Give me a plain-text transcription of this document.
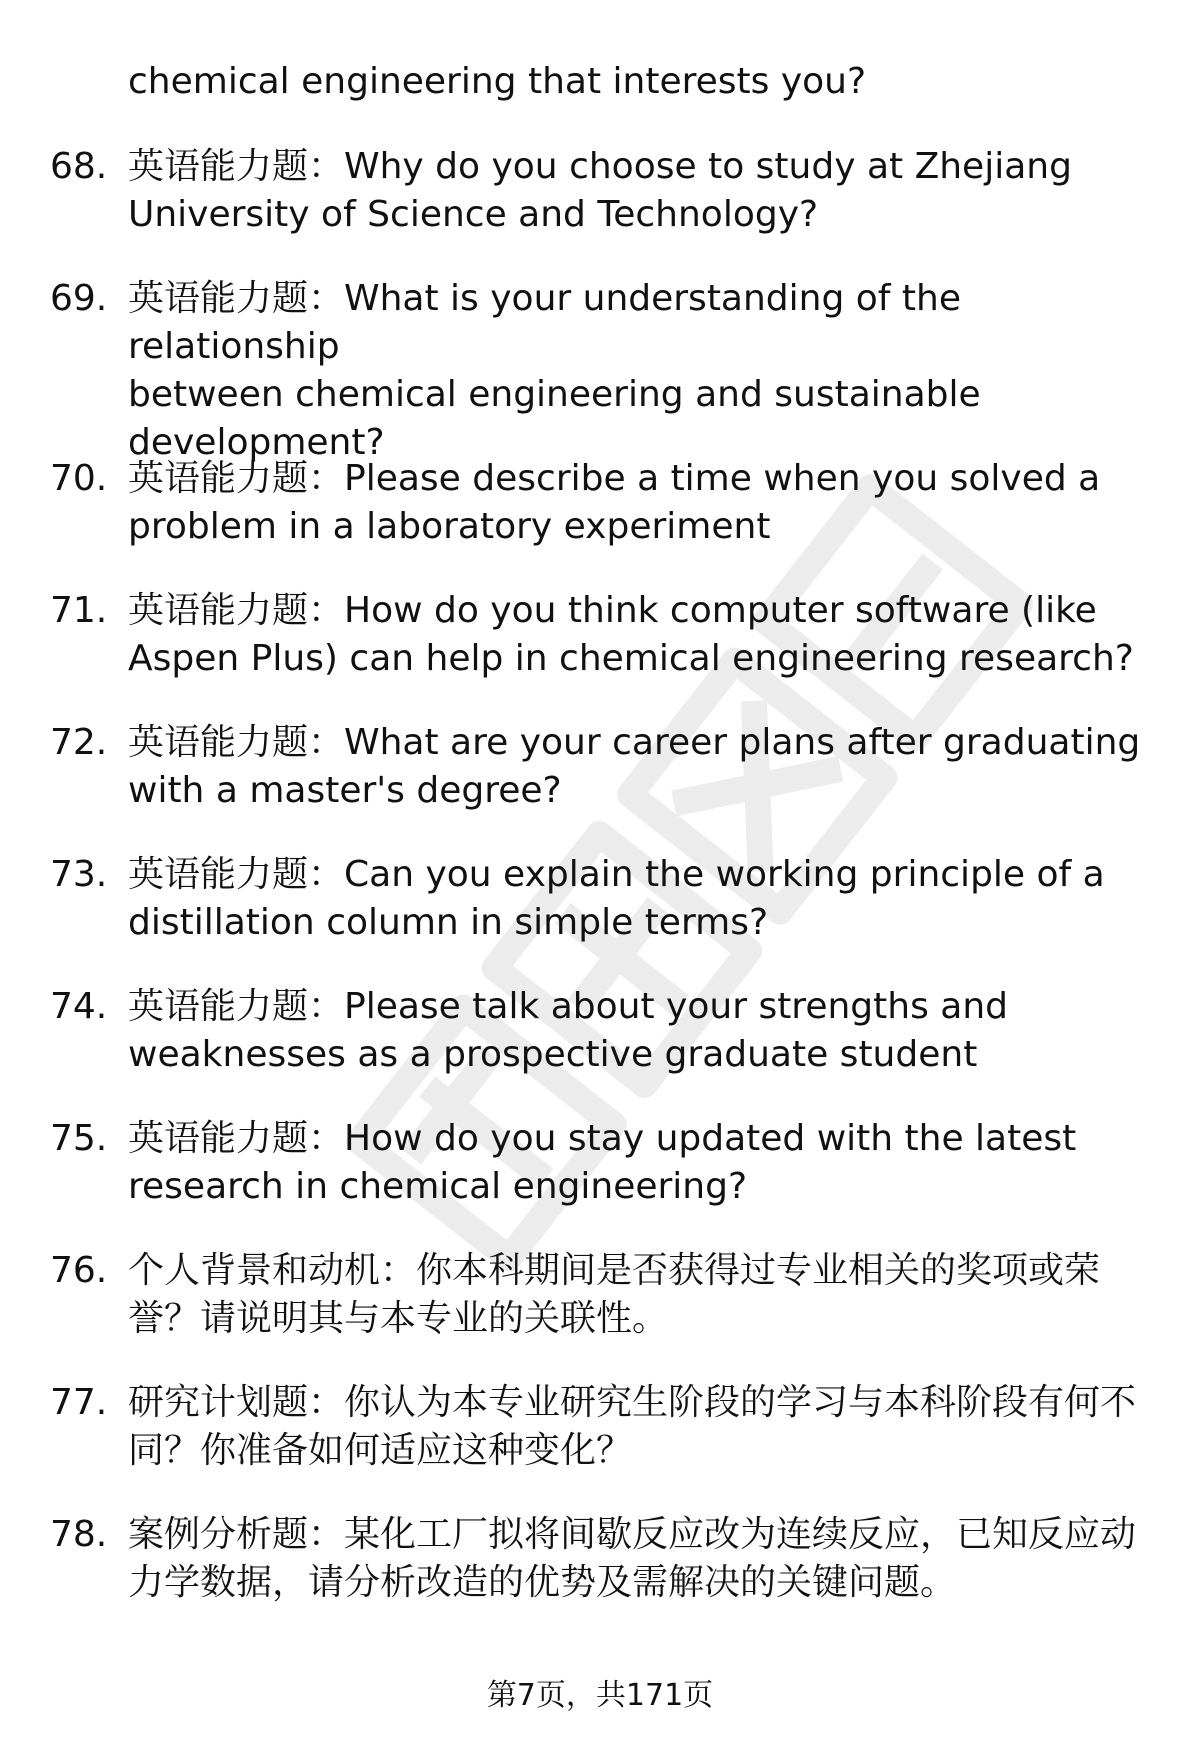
chemical engineering that interests you?
68. 英语能力题：Why do you choose to study at Zhejiang
University of Science and Technology?
69. 英语能力题：What is your understanding of the relationship
between chemical engineering and sustainable
development?
70. 英语能力题：Please describe a time when you solved a
problem in a laboratory experiment
71. 英语能力题：How do you think computer software (like
Aspen Plus) can help in chemical engineering research?
72. 英语能力题：What are your career plans after graduating
with a master's degree?
73. 英语能力题：Can you explain the working principle of a
distillation column in simple terms?
74. 英语能力题：Please talk about your strengths and
weaknesses as a prospective graduate student
75. 英语能力题：How do you stay updated with the latest
research in chemical engineering?
76. 个人背景和动机：你本科期间是否获得过专业相关的奖项或荣
誉？请说明其与本专业的关联性。
77. 研究计划题：你认为本专业研究生阶段的学习与本科阶段有何不
同？你准备如何适应这种变化？
78. 案例分析题：某化工厂拟将间歇反应改为连续反应，已知反应动
力学数据，请分析改造的优势及需解决的关键问题。
第7页，共171页
